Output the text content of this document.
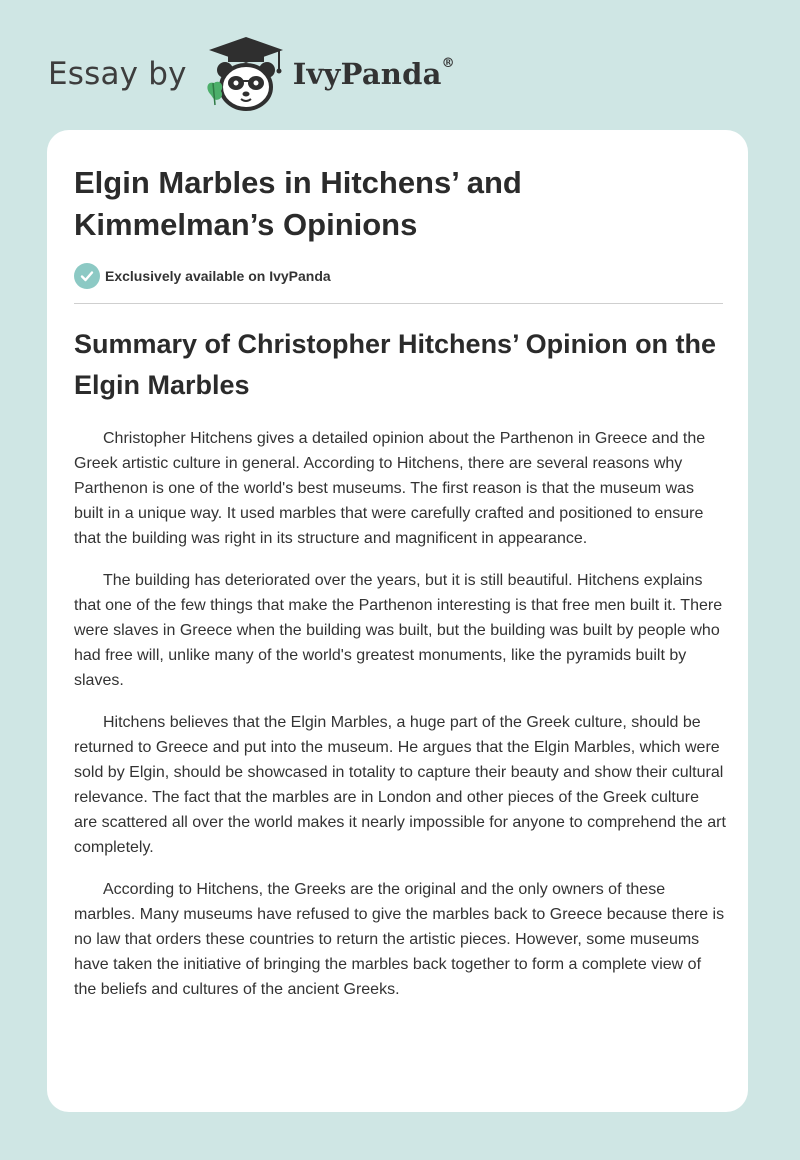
Essay by	IvyPanda®
Elgin Marbles in Hitchens’ and Kimmelman’s Opinions
Exclusively available on IvyPanda
Summary of Christopher Hitchens’ Opinion on the Elgin Marbles

Christopher Hitchens gives a detailed opinion about the Parthenon in Greece and the Greek artistic culture in general. According to Hitchens, there are several reasons why Parthenon is one of the world's best museums. The first reason is that the museum was built in a unique way. It used marbles that were carefully crafted and positioned to ensure that the building was right in its structure and magnificent in appearance.

The building has deteriorated over the years, but it is still beautiful. Hitchens explains that one of the few things that make the Parthenon interesting is that free men built it. There were slaves in Greece when the building was built, but the building was built by people who had free will, unlike many of the world's greatest monuments, like the pyramids built by slaves.

Hitchens believes that the Elgin Marbles, a huge part of the Greek culture, should be returned to Greece and put into the museum. He argues that the Elgin Marbles, which were sold by Elgin, should be showcased in totality to capture their beauty and show their cultural relevance. The fact that the marbles are in London and other pieces of the Greek culture are scattered all over the world makes it nearly impossible for anyone to comprehend the art completely.

According to Hitchens, the Greeks are the original and the only owners of these marbles. Many museums have refused to give the marbles back to Greece because there is no law that orders these countries to return the artistic pieces. However, some museums have taken the initiative of bringing the marbles back together to form a complete view of the beliefs and cultures of the ancient Greeks.
